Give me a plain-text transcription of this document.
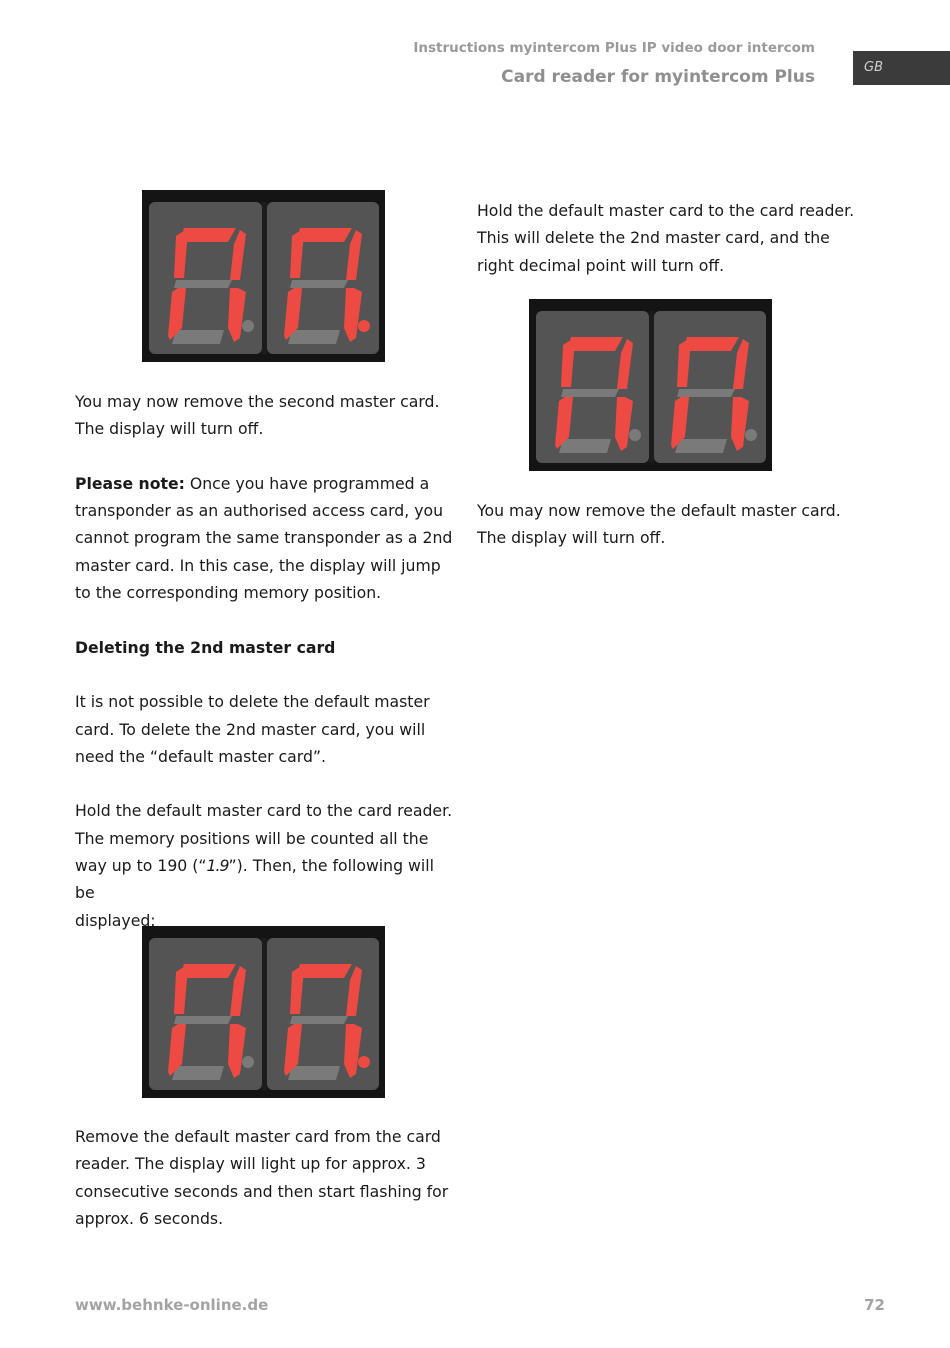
Instructions myintercom Plus IP video door intercom
Card reader for myintercom Plus	GB

You may now remove the second master card.
The display will turn off.

Please note: Once you have programmed a
transponder as an authorised access card, you
cannot program the same transponder as a 2nd
master card. In this case, the display will jump
to the corresponding memory position.

Deleting the 2nd master card

It is not possible to delete the default master
card. To delete the 2nd master card, you will
need the “default master card”.

Hold the default master card to the card reader.
The memory positions will be counted all the
way up to 190 (“1.9”). Then, the following will be
displayed:

Remove the default master card from the card
reader. The display will light up for approx. 3
consecutive seconds and then start flashing for
approx. 6 seconds.

Hold the default master card to the card reader.
This will delete the 2nd master card, and the
right decimal point will turn off.

You may now remove the default master card.
The display will turn off.

www.behnke-online.de	72
